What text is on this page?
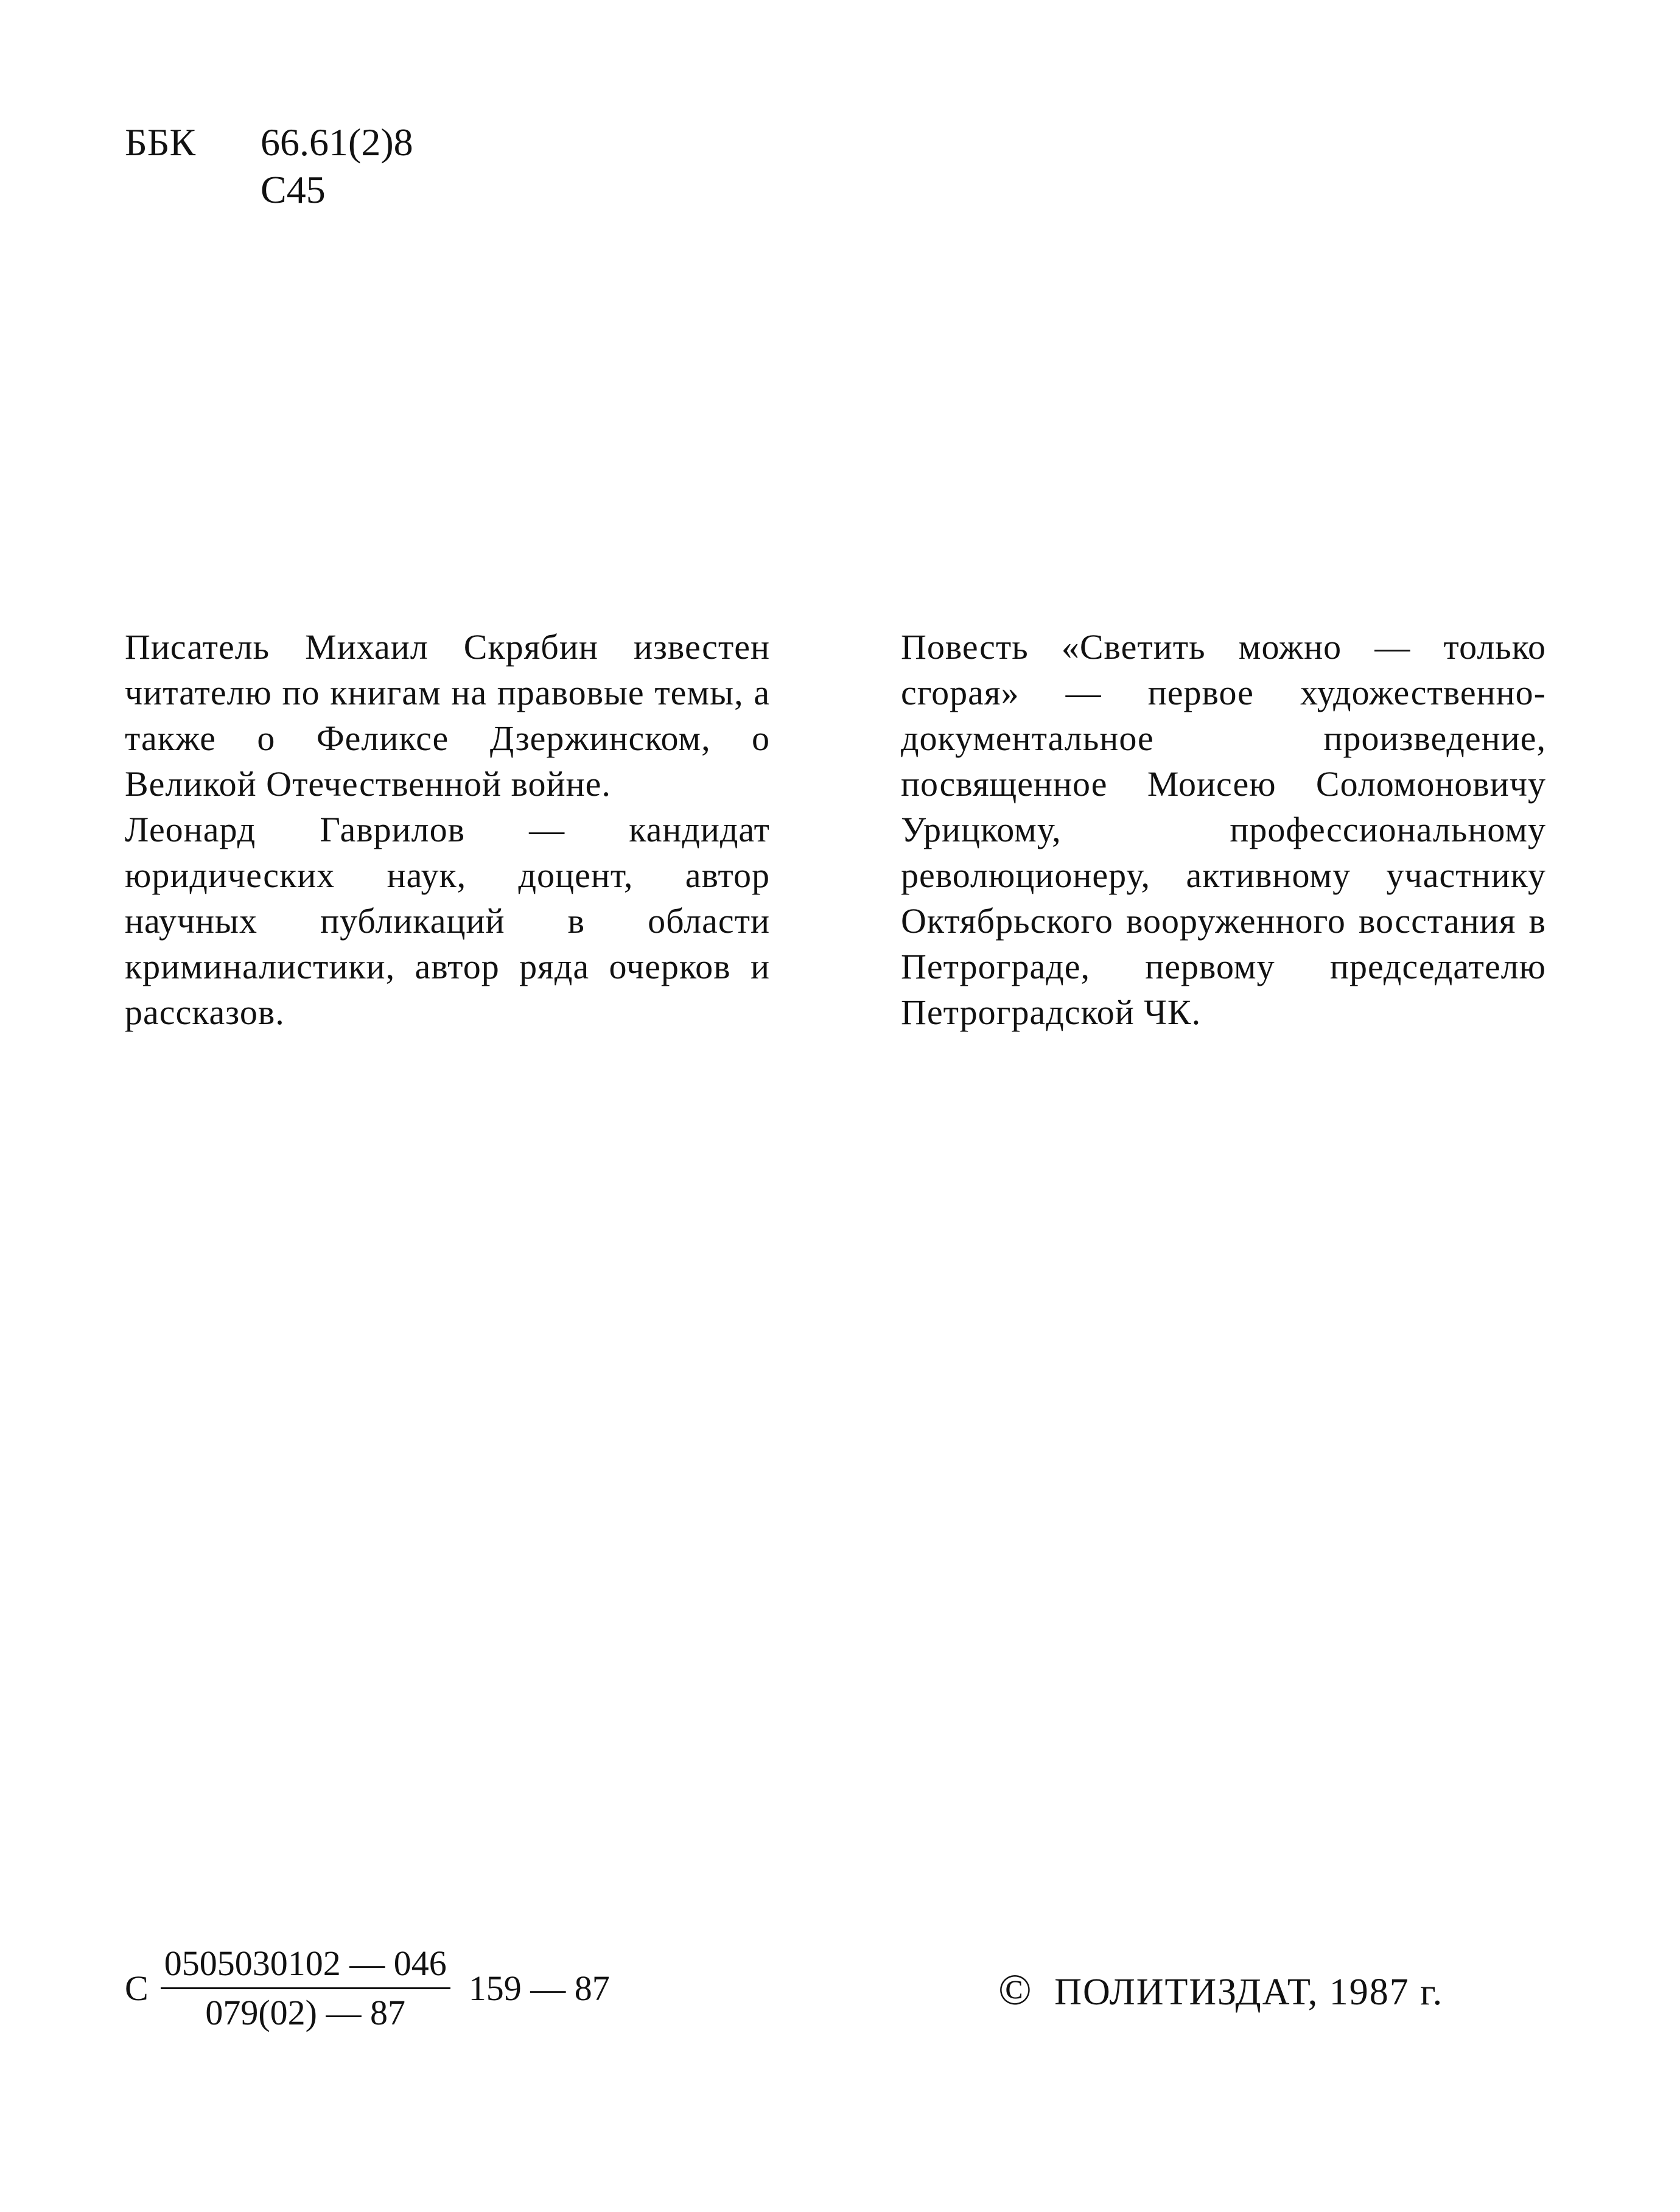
ББК	66.61(2)8
С45

Писатель Михаил Скрябин известен читателю по книгам на правовые темы, а также о Феликсе Дзержинском, о Великой Отечественной войне.

Леонард Гаврилов — кандидат юридических наук, доцент, автор научных публикаций в области криминалистики, автор ряда очерков и рассказов.

Повесть «Светить можно — только сгорая» — первое художественно-документальное произведение, посвященное Моисею Соломоновичу Урицкому, профессиональному революционеру, активному участнику Октябрьского вооруженного восстания в Петрограде, первому председателю Петроградской ЧК.

С $\frac{0505030102 — 046}{079(02) — 87} 159$ — 87	© ПОЛИТИЗДАТ, 1987 г.
